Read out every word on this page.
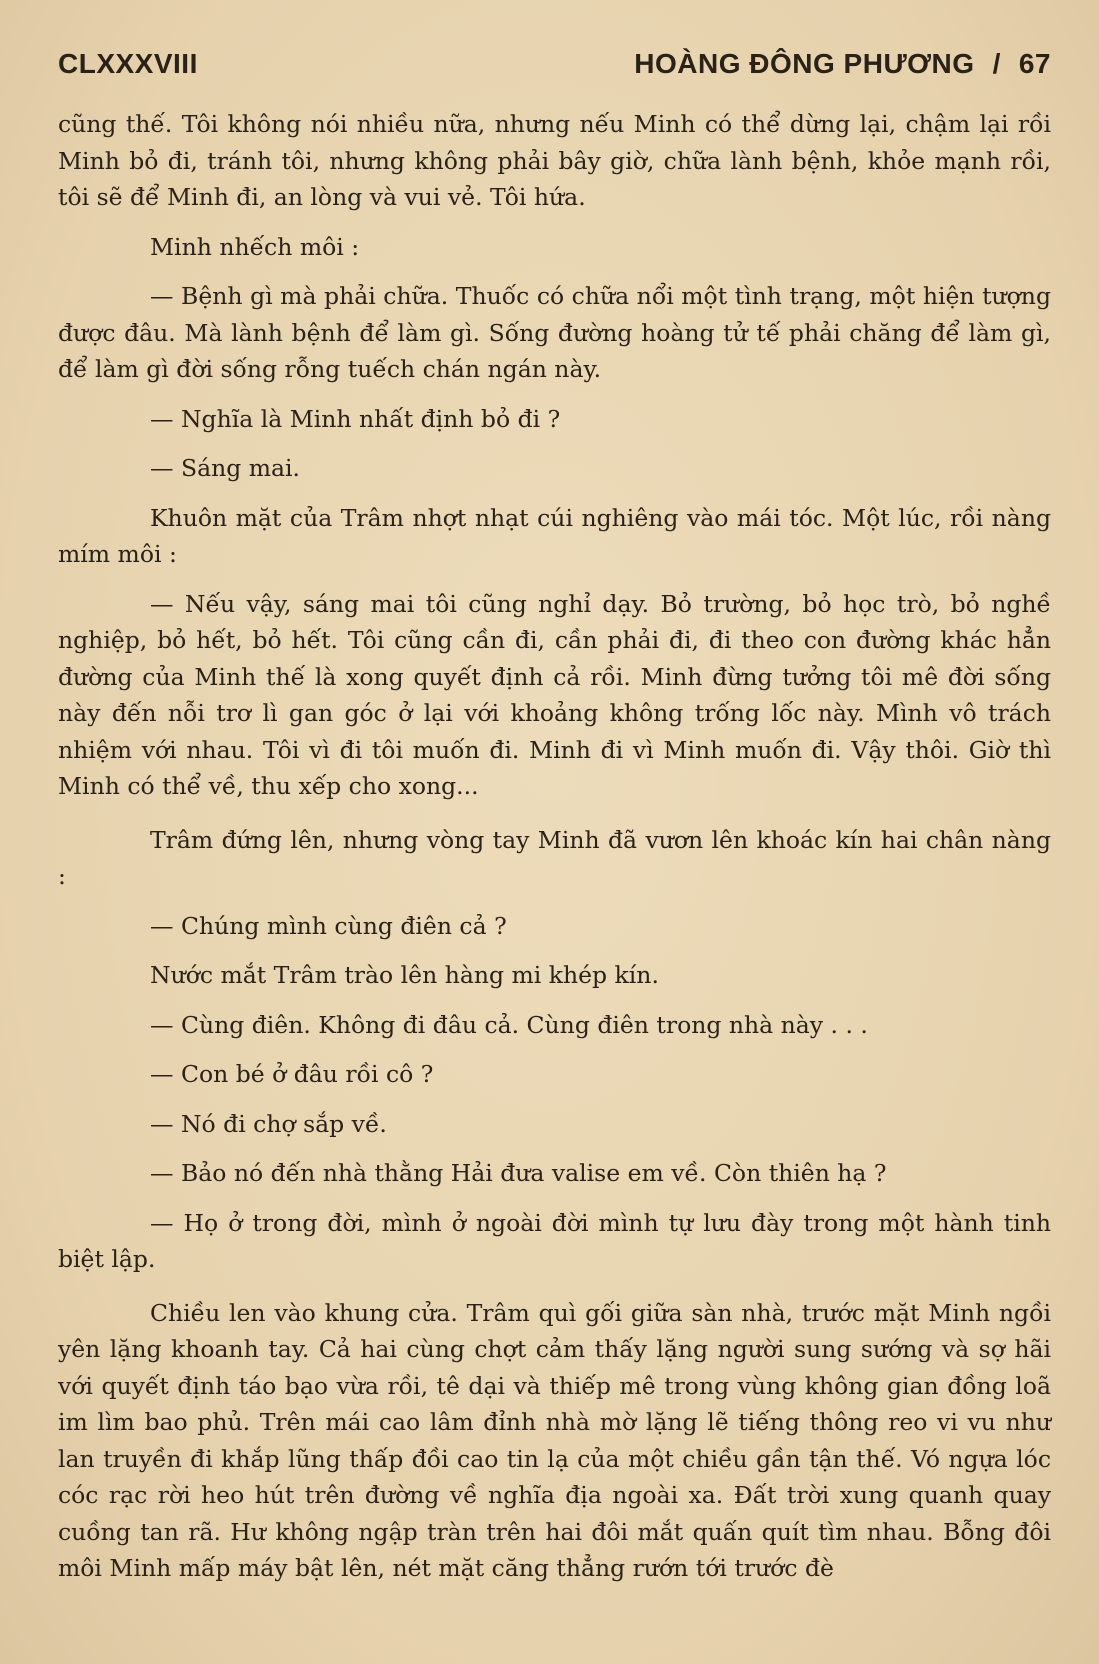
CLXXXVIII	HOÀNG ĐÔNG PHƯƠNG / 67

cũng thế. Tôi không nói nhiều nữa, nhưng nếu Minh có thể dừng lại, chậm lại rồi Minh bỏ đi, tránh tôi, nhưng không phải bây giờ, chữa lành bệnh, khỏe mạnh rồi, tôi sẽ để Minh đi, an lòng và vui vẻ. Tôi hứa.

Minh nhếch môi :

— Bệnh gì mà phải chữa. Thuốc có chữa nổi một tình trạng, một hiện tượng được đâu. Mà lành bệnh để làm gì. Sống đường hoàng tử tế phải chăng để làm gì, để làm gì đời sống rỗng tuếch chán ngán này.

— Nghĩa là Minh nhất định bỏ đi ?

— Sáng mai.

Khuôn mặt của Trâm nhợt nhạt cúi nghiêng vào mái tóc. Một lúc, rồi nàng mím môi :

— Nếu vậy, sáng mai tôi cũng nghỉ dạy. Bỏ trường, bỏ học trò, bỏ nghề nghiệp, bỏ hết, bỏ hết. Tôi cũng cần đi, cần phải đi, đi theo con đường khác hẳn đường của Minh thế là xong quyết định cả rồi. Minh đừng tưởng tôi mê đời sống này đến nỗi trơ lì gan góc ở lại với khoảng không trống lốc này. Mình vô trách nhiệm với nhau. Tôi vì đi tôi muốn đi. Minh đi vì Minh muốn đi. Vậy thôi. Giờ thì Minh có thể về, thu xếp cho xong...

Trâm đứng lên, nhưng vòng tay Minh đã vươn lên khoác kín hai chân nàng :

— Chúng mình cùng điên cả ?

Nước mắt Trâm trào lên hàng mi khép kín.

— Cùng điên. Không đi đâu cả. Cùng điên trong nhà này . . .

— Con bé ở đâu rồi cô ?

— Nó đi chợ sắp về.

— Bảo nó đến nhà thằng Hải đưa valise em về. Còn thiên hạ ?

— Họ ở trong đời, mình ở ngoài đời mình tự lưu đày trong một hành tinh biệt lập.

Chiều len vào khung cửa. Trâm quì gối giữa sàn nhà, trước mặt Minh ngồi yên lặng khoanh tay. Cả hai cùng chợt cảm thấy lặng người sung sướng và sợ hãi với quyết định táo bạo vừa rồi, tê dại và thiếp mê trong vùng không gian đồng loã im lìm bao phủ. Trên mái cao lâm đỉnh nhà mờ lặng lẽ tiếng thông reo vi vu như lan truyền đi khắp lũng thấp đồi cao tin lạ của một chiều gần tận thế. Vó ngựa lóc cóc rạc rời heo hút trên đường về nghĩa địa ngoài xa. Đất trời xung quanh quay cuồng tan rã. Hư không ngập tràn trên hai đôi mắt quấn quít tìm nhau. Bỗng đôi môi Minh mấp máy bật lên, nét mặt căng thẳng rướn tới trước đè
